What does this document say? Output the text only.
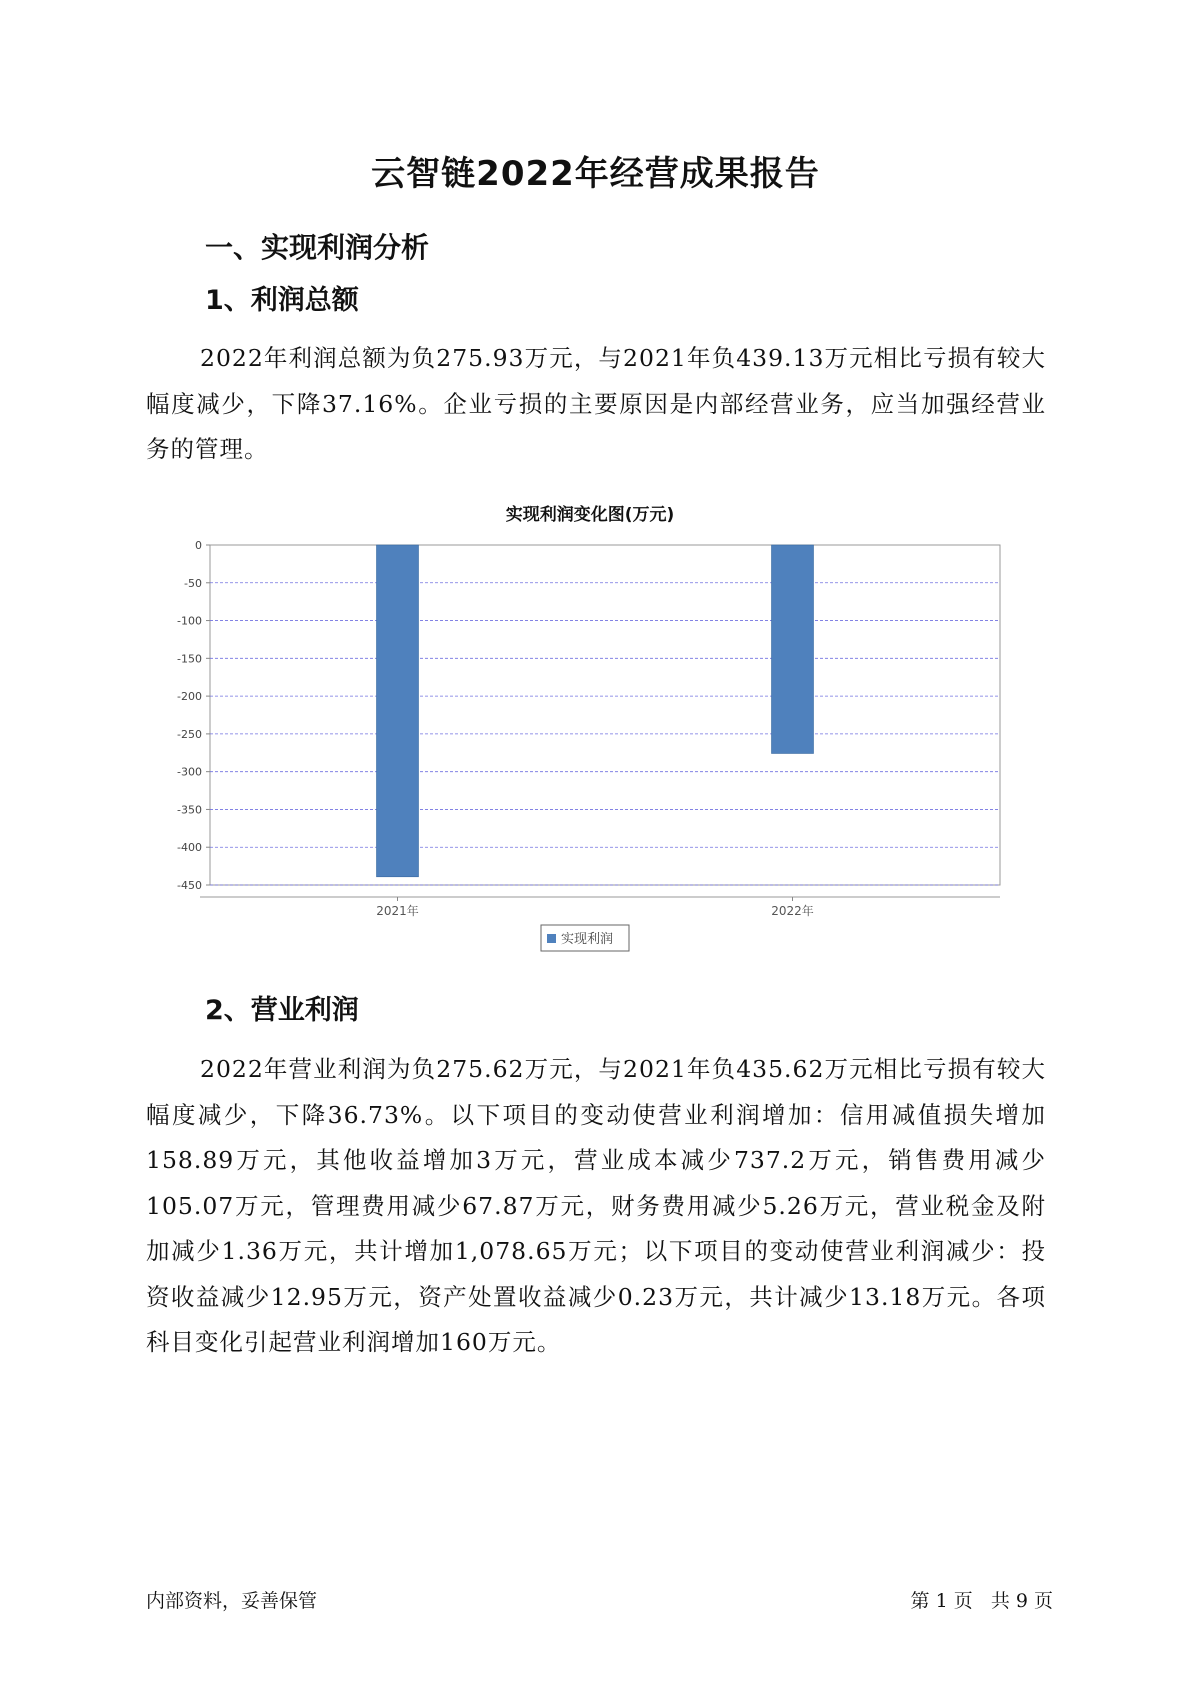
云智链2022年经营成果报告
一、实现利润分析
1、利润总额

2022年利润总额为负275.93万元，与2021年负439.13万元相比亏损有较大幅度减少，下降37.16%。企业亏损的主要原因是内部经营业务，应当加强经营业务的管理。

实现利润变化图(万元)
0
-50
-100
-150
-200
-250
-300
-350
-400
-450
2021年	2022年
实现利润
2、营业利润

2022年营业利润为负275.62万元，与2021年负435.62万元相比亏损有较大幅度减少，下降36.73%。以下项目的变动使营业利润增加：信用减值损失增加158.89万元，其他收益增加3万元，营业成本减少737.2万元，销售费用减少105.07万元，管理费用减少67.87万元，财务费用减少5.26万元，营业税金及附加减少1.36万元，共计增加1,078.65万元；以下项目的变动使营业利润减少：投资收益减少12.95万元，资产处置收益减少0.23万元，共计减少13.18万元。各项科目变化引起营业利润增加160万元。

内部资料，妥善保管	第 1 页   共 9 页
